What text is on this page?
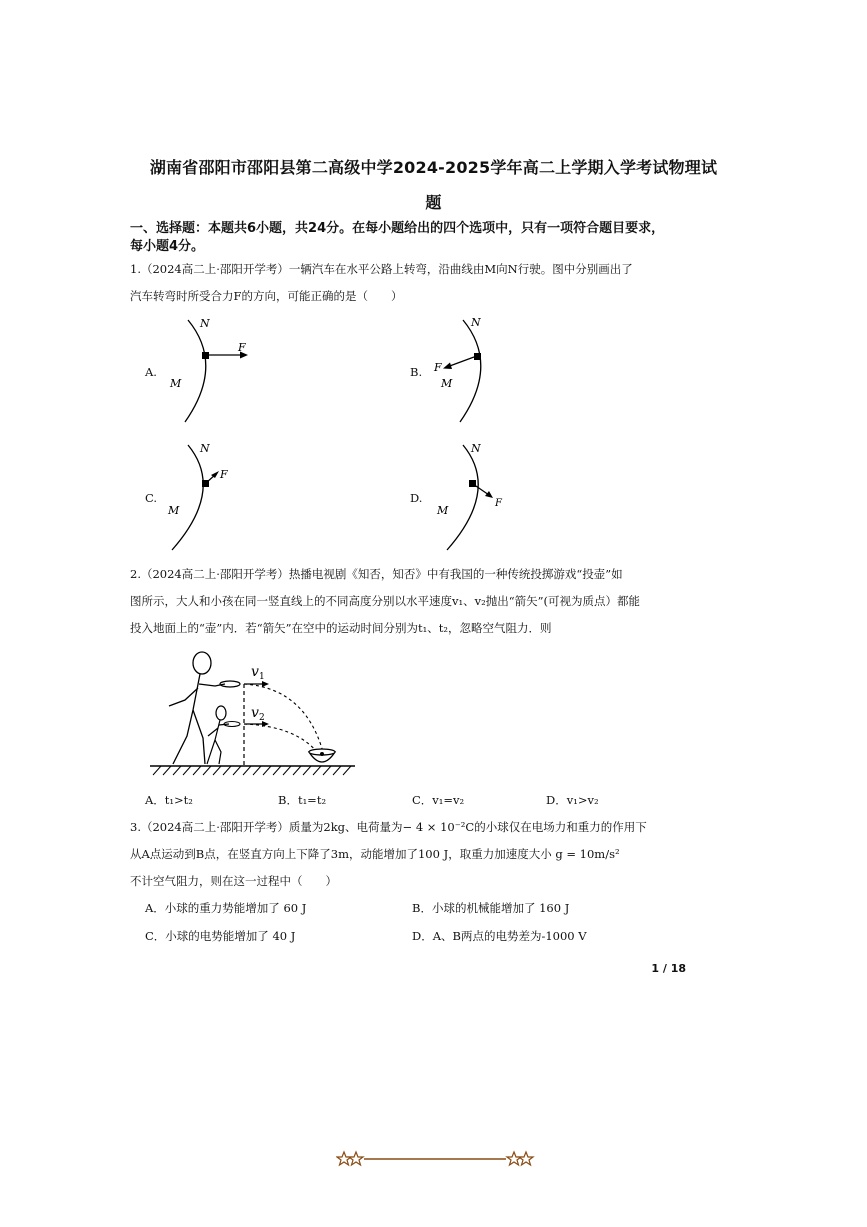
湖南省邵阳市邵阳县第二高级中学2024-2025学年高二上学期入学考试物理试
题
一、选择题：本题共6小题，共24分。在每小题给出的四个选项中，只有一项符合题目要求，
每小题4分。
1.（2024高二上·邵阳开学考）一辆汽车在水平公路上转弯，沿曲线由M向N行驶。图中分别画出了
汽车转弯时所受合力F的方向，可能正确的是（　　）
A.
N
M
F
B.
N
M
F
C.
N
M
F
D.
N
M
F
2.（2024高二上·邵阳开学考）热播电视剧《知否，知否》中有我国的一种传统投掷游戏“投壶”如
图所示，大人和小孩在同一竖直线上的不同高度分别以水平速度v₁、v₂抛出“箭矢”(可视为质点）都能
投入地面上的“壶”内．若“箭矢”在空中的运动时间分别为t₁、t₂，忽略空气阻力．则
v 1
v 2
A．t₁>t₂	B．t₁=t₂	C．v₁=v₂	D．v₁>v₂
3.（2024高二上·邵阳开学考）质量为2kg、电荷量为− 4 × 10⁻²C的小球仅在电场力和重力的作用下
从A点运动到B点，在竖直方向上下降了3m，动能增加了100 J，取重力加速度大小 g = 10m/s²
不计空气阻力，则在这一过程中（　　）
A．小球的重力势能增加了 60 J	B．小球的机械能增加了 160 J
C．小球的电势能增加了 40 J	D．A、B两点的电势差为-1000 V
1 / 18
